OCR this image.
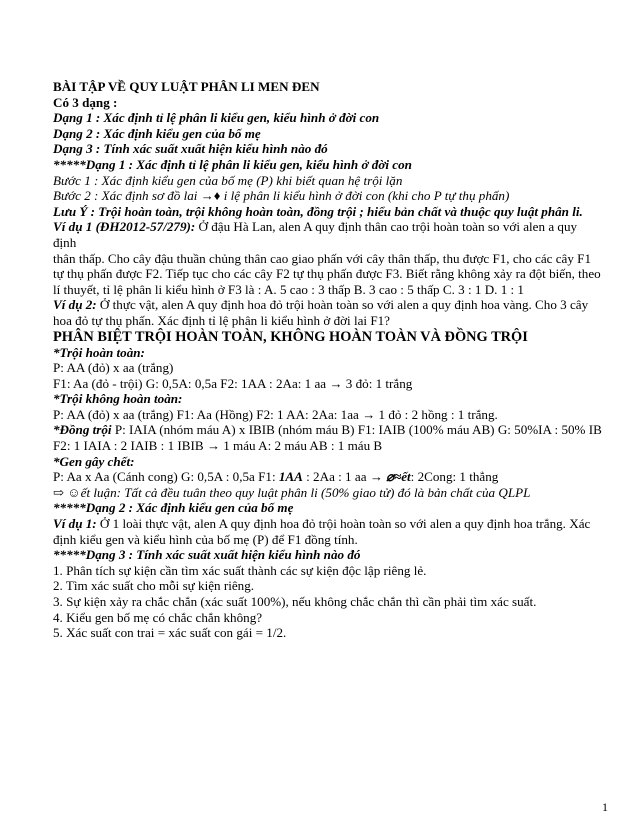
BÀI TẬP VỀ QUY LUẬT PHÂN LI MEN ĐEN
Có 3 dạng :
Dạng 1 : Xác định tỉ lệ phân li kiểu gen, kiểu hình ở đời con
Dạng 2 : Xác định kiểu gen của bố mẹ
Dạng 3 : Tính xác suất xuất hiện kiểu hình nào đó
*****Dạng 1 : Xác định tỉ lệ phân li kiểu gen, kiểu hình ở đời con
Bước 1 : Xác định kiểu gen của bố mẹ (P) khi biết quan hệ trội lặn
Bước 2 : Xác định sơ đồ lai →♦ i lệ phân li kiểu hình ở đời con (khi cho P tự thụ phấn)
Lưu Ý : Trội hoàn toàn, trội không hoàn toàn, đồng trội ; hiểu bản chất và thuộc quy luật phân li.
Ví dụ 1 (ĐH2012-57/279): Ở đậu Hà Lan, alen A quy định thân cao trội hoàn toàn so với alen a quy định
thân thấp. Cho cây đậu thuần chủng thân cao giao phấn với cây thân thấp, thu được F1, cho các cây F1 tự thụ phấn được F2. Tiếp tục cho các cây F2 tự thụ phấn được F3. Biết rằng không xảy ra đột biến, theo lí thuyết, tỉ lệ phân li kiểu hình ở F3 là : A. 5 cao : 3 thấp B. 3 cao : 5 thấp C. 3 : 1 D. 1 : 1
Ví dụ 2: Ở thực vật, alen A quy định hoa đỏ trội hoàn toàn so với alen a quy định hoa vàng. Cho 3 cây hoa đỏ tự thụ phấn. Xác định tỉ lệ phân li kiểu hình ở đời lai F1?
PHÂN BIỆT TRỘI HOÀN TOÀN, KHÔNG HOÀN TOÀN VÀ ĐỒNG TRỘI
*Trội hoàn toàn:
P: AA (đỏ) x aa (trắng)
F1: Aa (đỏ - trội) G: 0,5A: 0,5a F2: 1AA : 2Aa: 1 aa → 3 đỏ: 1 trắng
*Trội không hoàn toàn:
P: AA (đỏ) x aa (trắng) F1: Aa (Hồng) F2: 1 AA: 2Aa: 1aa → 1 đỏ : 2 hồng : 1 trắng.
*Đồng trội P: IAIA (nhóm máu A) x IBIB (nhóm máu B) F1: IAIB (100% máu AB) G: 50%IA : 50% IB F2: 1 IAIA : 2 IAIB : 1 IBIB → 1 máu A: 2 máu AB : 1 máu B
*Gen gây chết:
P: Aa x Aa (Cánh cong) G: 0,5A : 0,5a F1: 1AA : 2Aa : 1 aa → ⌀≈ết: 2Cong: 1 thẳng
⇨ ☺ết luận: Tất cả đều tuân theo quy luật phân li (50% giao tử) đó là bản chất của QLPL
*****Dạng 2 : Xác định kiểu gen của bố mẹ
Ví dụ 1: Ở 1 loài thực vật, alen A quy định hoa đỏ trội hoàn toàn so với alen a quy định hoa trắng. Xác định kiểu gen và kiểu hình của bố mẹ (P) để F1 đồng tính.
*****Dạng 3 : Tính xác suất xuất hiện kiểu hình nào đó
1. Phân tích sự kiện cần tìm xác suất thành các sự kiện độc lập riêng lẻ.
2. Tìm xác suất cho mỗi sự kiện riêng.
3. Sự kiện xảy ra chắc chắn (xác suất 100%), nếu không chắc chắn thì cần phải tìm xác suất.
4. Kiểu gen bố mẹ có chắc chắn không?
5. Xác suất con trai = xác suất con gái = 1/2.
1
